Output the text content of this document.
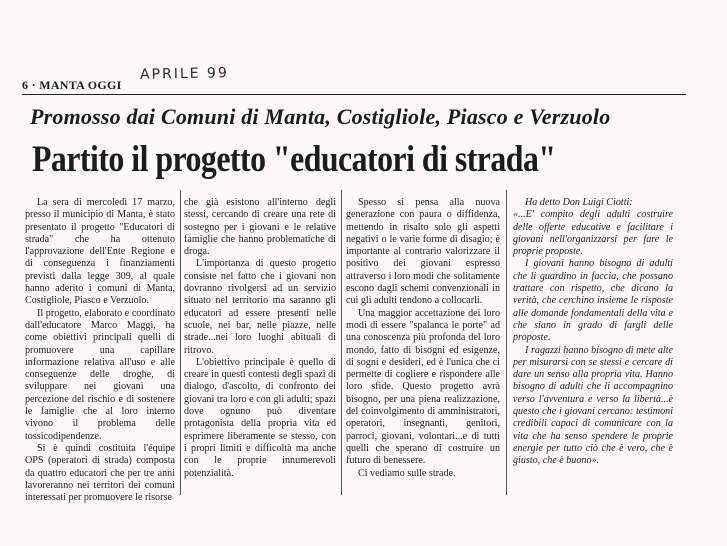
6 · MANTA OGGI
APRILE 99
Promosso dai Comuni di Manta, Costigliole, Piasco e Verzuolo
Partito il progetto "educatori di strada"

La sera di mercoledì 17 marzo, presso il municipio di Manta, è stato presentato il progetto "Educatori di strada" che ha ottenuto l'approvazione dell'Ente Regione e di conseguenza i finanziamenti previsti dalla legge 309, al quale hanno aderito i comuni di Manta, Costigliole, Piasco e Verzuolo.

Il progetto, elaborato e coordinato dall'educatore Marco Maggi, ha come obiettivi principali quelli di promuovere una capillare informazione relativa all'uso e alle conseguenze delle droghe, di sviluppare nei giovani una percezione del rischio e di sostenere le famiglie che al loro interno vivono il problema delle tossicodipendenze.

Si è quindi costituita l'équipe OPS (operatori di strada) composta da quattro educatori che per tre anni lavoreranno nei territori dei comuni interessati per promuovere le risorse

che già esistono all'interno degli stessi, cercando di creare una rete di sostegno per i giovani e le relative famiglie che hanno problematiche di droga.

L'importanza di questo progetto consiste nel fatto che i giovani non dovranno rivolgersi ad un servizio situato nel territorio ma saranno gli educatori ad essere presenti nelle scuole, nei bar, nelle piazze, nelle strade...nei loro luoghi abituali di ritrovo.

L'obiettivo principale è quello di creare in questi contesti degli spazi di dialogo, d'ascolto, di confronto dei giovani tra loro e con gli adulti; spazi dove ognuno può diventare protagonista della propria vita ed esprimere liberamente se stesso, con i propri limiti e difficoltà ma anche con le proprie innumerevoli potenzialità.

Spesso si pensa alla nuova generazione con paura o diffidenza, mettendo in risalto solo gli aspetti negativi o le varie forme di disagio; è importante al contrario valorizzare il positivo dei giovani espresso attraverso i loro modi che solitamente escono dagli schemi convenzionali in cui gli adulti tendono a collocarli.

Una maggior accettazione dei loro modi di essere "spalanca le porte" ad una conoscenza più profonda del loro mondo, fatto di bisogni ed esigenze, di sogni e desideri, ed è l'unica che ci permette di cogliere e rispondere alle loro sfide. Questo progetto avrà bisogno, per una piena realizzazione, del coinvolgimento di amministratori, operatori, insegnanti, genitori, parroci, giovani, volontari...e di tutti quelli che sperano di costruire un futuro di benessere.

Ci vediamo sulle strade.

Ha detto Don Luigi Ciotti:

«...E' compito degli adulti costruire delle offerte educative e facilitare i giovani nell'organizzarsi per fare le proprie proposte.

I giovani hanno bisogno di adulti che li guardino in faccia, che possano trattare con rispetto, che dicano la verità, che cerchino insieme le risposte alle domande fondamentali della vita e che siano in grado di fargli delle proposte.

I ragazzi hanno bisogno di mete alte per misurarsi con se stessi e cercare di dare un senso alla propria vita. Hanno bisogno di adulti che li accompagnino verso l'avventura e verso la libertà...è questo che i giovani cercano: testimoni credibili capaci di comunicare con la vita che ha senso spendere le proprie energie per tutto ciò che è vero, che è giusto, che è buono».
